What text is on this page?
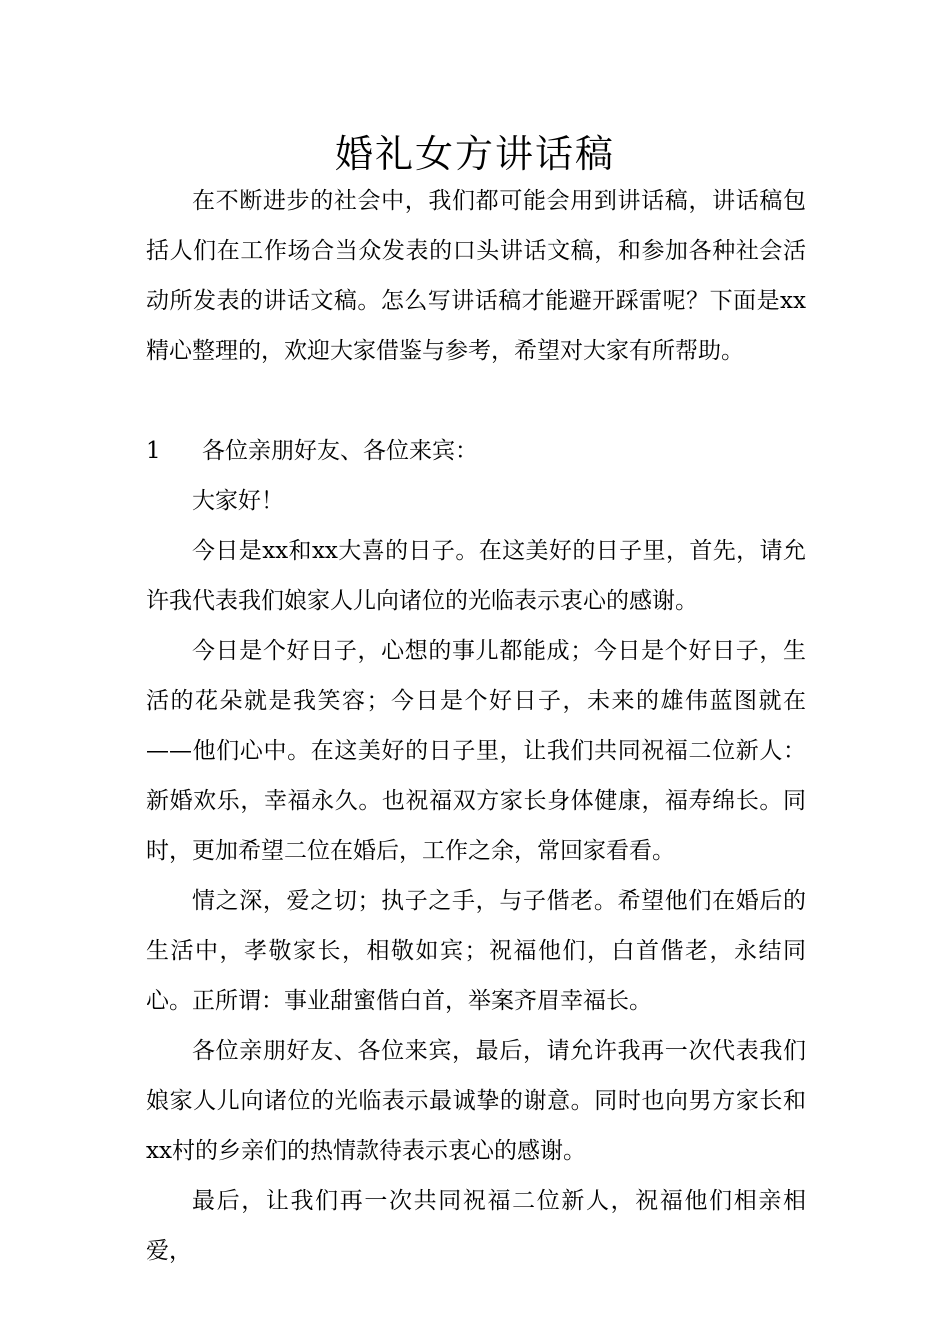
婚礼女方讲话稿

在不断进步的社会中，我们都可能会用到讲话稿，讲话稿包括人们在工作场合当众发表的口头讲话文稿，和参加各种社会活动所发表的讲话文稿。怎么写讲话稿才能避开踩雷呢？下面是xx精心整理的，欢迎大家借鉴与参考，希望对大家有所帮助。

1 各位亲朋好友、各位来宾：

大家好！

今日是xx和xx大喜的日子。在这美好的日子里，首先，请允许我代表我们娘家人儿向诸位的光临表示衷心的感谢。

今日是个好日子，心想的事儿都能成；今日是个好日子，生活的花朵就是我笑容；今日是个好日子，未来的雄伟蓝图就在——他们心中。在这美好的日子里，让我们共同祝福二位新人：新婚欢乐，幸福永久。也祝福双方家长身体健康，福寿绵长。同时，更加希望二位在婚后，工作之余，常回家看看。

情之深，爱之切；执子之手，与子偕老。希望他们在婚后的生活中，孝敬家长，相敬如宾；祝福他们，白首偕老，永结同心。正所谓：事业甜蜜偕白首，举案齐眉幸福长。

各位亲朋好友、各位来宾，最后，请允许我再一次代表我们娘家人儿向诸位的光临表示最诚挚的谢意。同时也向男方家长和xx村的乡亲们的热情款待表示衷心的感谢。

最后，让我们再一次共同祝福二位新人，祝福他们相亲相爱，
